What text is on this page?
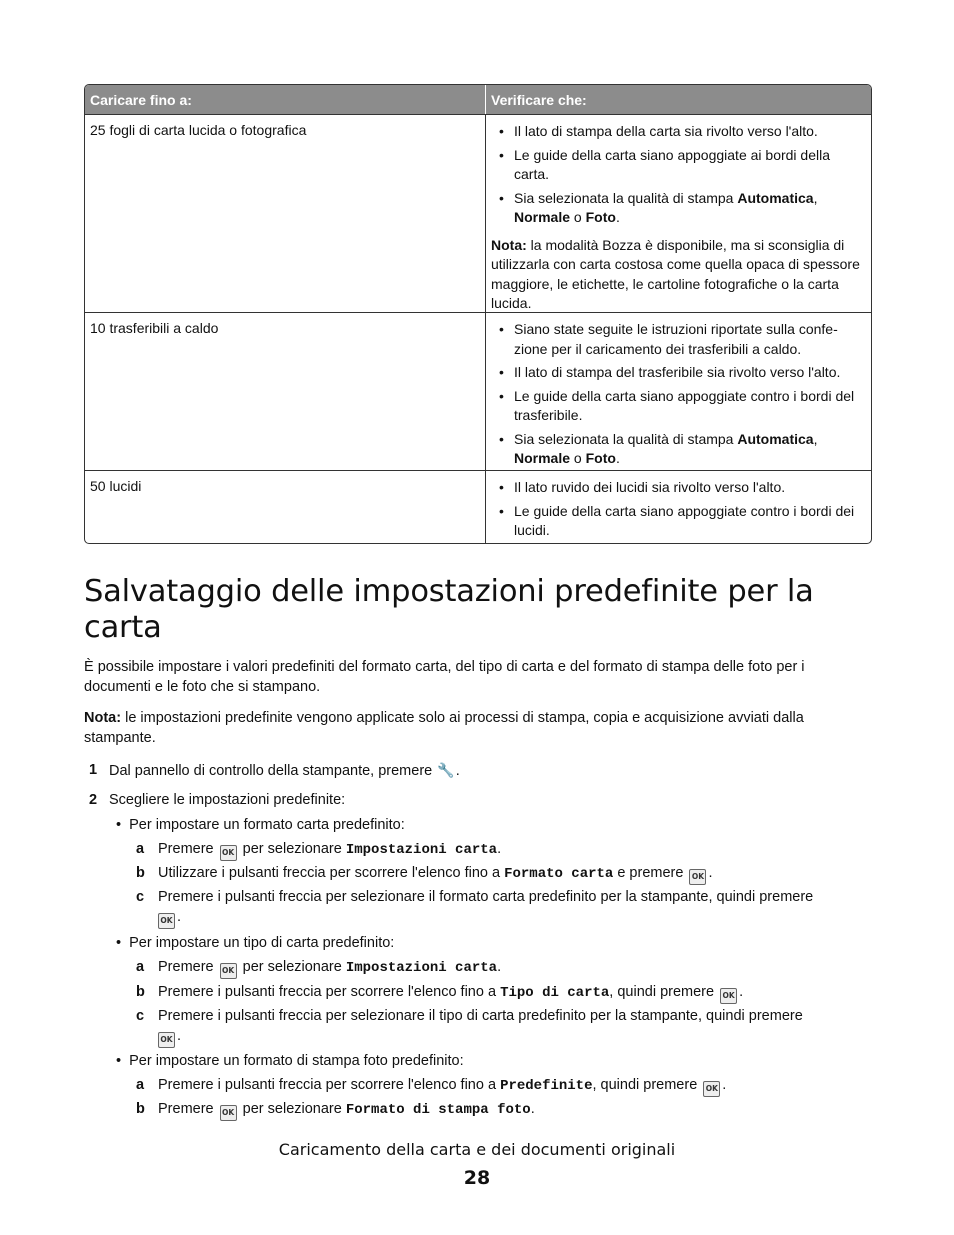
Caricare fino a:	Verificare che:
25 fogli di carta lucida o fotografica	• Il lato di stampa della carta sia rivolto verso l'alto.
• Le guide della carta siano appoggiate ai bordi della carta.
• Sia selezionata la qualità di stampa Automatica,
Normale o Foto.

Nota: la modalità Bozza è disponibile, ma si sconsiglia di utilizzarla con carta costosa come quella opaca di spessore maggiore, le etichette, le cartoline fotografiche o la carta lucida.

10 trasferibili a caldo	• Siano state seguite le istruzioni riportate sulla confe-zione per il caricamento dei trasferibili a caldo.
• Il lato di stampa del trasferibile sia rivolto verso l'alto.
• Le guide della carta siano appoggiate contro i bordi del trasferibile.
• Sia selezionata la qualità di stampa Automatica,
Normale o Foto.
50 lucidi	• Il lato ruvido dei lucidi sia rivolto verso l'alto.
• Le guide della carta siano appoggiate contro i bordi dei lucidi.
Salvataggio delle impostazioni predefinite per la carta
È possibile impostare i valori predefiniti del formato carta, del tipo di carta e del formato di stampa delle foto per i documenti e le foto che si stampano.
Nota: le impostazioni predefinite vengono applicate solo ai processi di stampa, copia e acquisizione avviati dalla stampante.
1 Dal pannello di controllo della stampante, premere 🔧.
2 Scegliere le impostazioni predefinite:
•  Per impostare un formato carta predefinito:
a Premere OK per selezionare Impostazioni carta.
b Utilizzare i pulsanti freccia per scorrere l'elenco fino a Formato carta e premere OK .
c Premere i pulsanti freccia per selezionare il formato carta predefinito per la stampante, quindi premere
OK .
•  Per impostare un tipo di carta predefinito:
a Premere OK per selezionare Impostazioni carta.
b Premere i pulsanti freccia per scorrere l'elenco fino a Tipo di carta, quindi premere OK .
c Premere i pulsanti freccia per selezionare il tipo di carta predefinito per la stampante, quindi premere
OK .
•  Per impostare un formato di stampa foto predefinito:
a Premere i pulsanti freccia per scorrere l'elenco fino a Predefinite, quindi premere OK .
b Premere OK per selezionare Formato di stampa foto.
Caricamento della carta e dei documenti originali
28
